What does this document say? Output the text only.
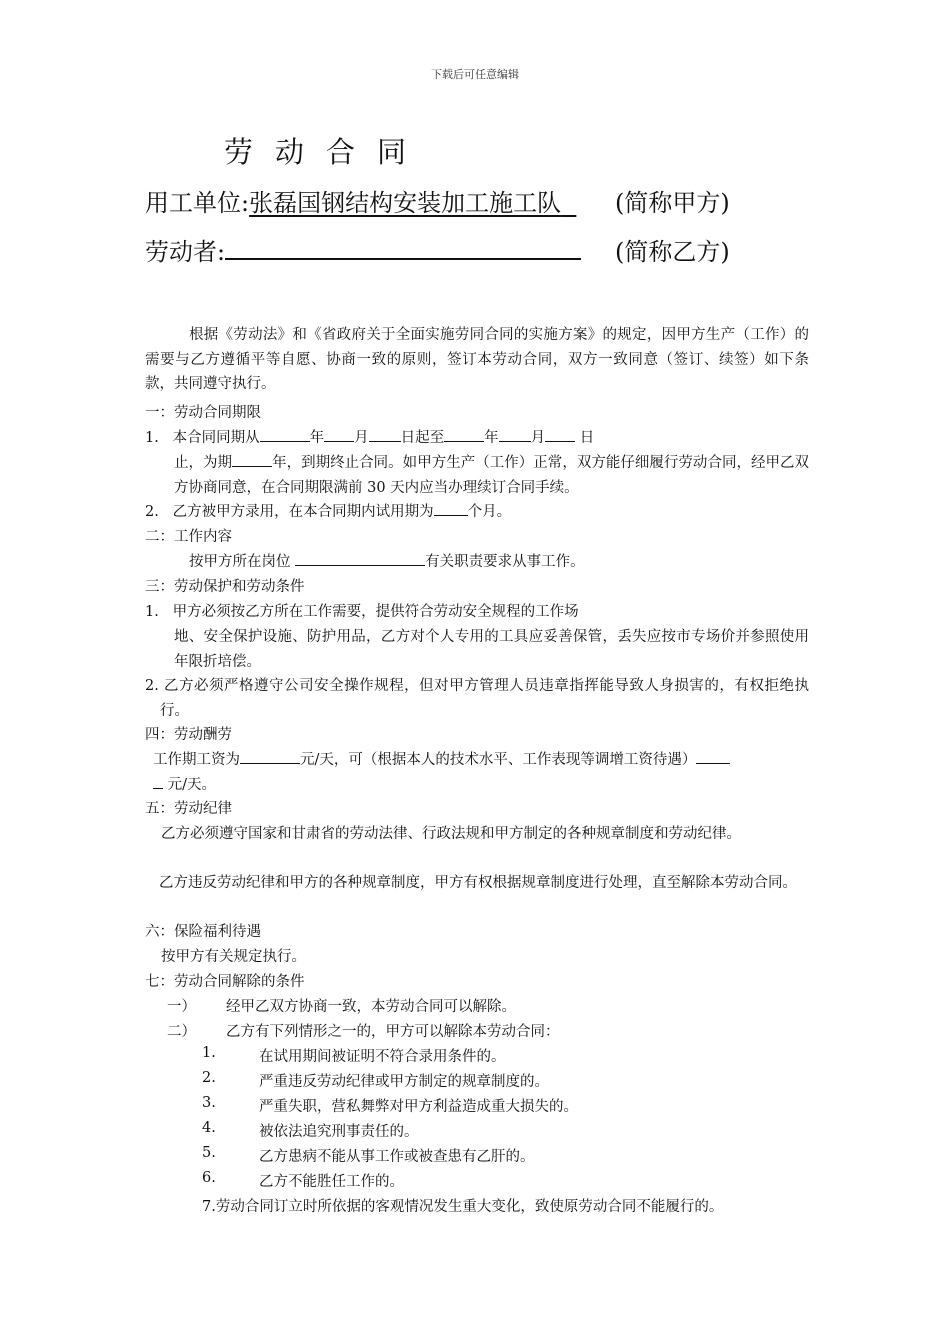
下载后可任意编辑
劳动合同
用工单位:张磊国钢结构安装加工施工队 (简称甲方)
劳动者:	(简称乙方)
根据《劳动法》和《省政府关于全面实施劳同合同的实施方案》的规定，因甲方生产（工作）的需要与乙方遵循平等自愿、协商一致的原则，签订本劳动合同，双方一致同意（签订、续签）如下条款，共同遵守执行。
一：劳动合同期限
1. 本合同同期从	年 月 日起至	年 月 日
止，为期	年，到期终止合同。如甲方生产（工作）正常，双方能仔细履行劳动合同，经甲乙双方协商同意，在合同期限满前 30 天内应当办理续订合同手续。
2. 乙方被甲方录用，在本合同期内试用期为 个月。
二：工作内容
按甲方所在岗位	有关职责要求从事工作。
三：劳动保护和劳动条件
1. 甲方必须按乙方所在工作需要，提供符合劳动安全规程的工作场
地、安全保护设施、防护用品，乙方对个人专用的工具应妥善保管，丢失应按市专场价并参照使用年限折培偿。
2. 乙方必须严格遵守公司安全操作规程，但对甲方管理人员违章指挥能导致人身损害的，有权拒绝执行。
四：劳动酬劳
工作期工资为	元/天，可（根据本人的技术水平、工作表现等调增工资待遇）
元/天。
五：劳动纪律
乙方必须遵守国家和甘肃省的劳动法律、行政法规和甲方制定的各种规章制度和劳动纪律。
乙方违反劳动纪律和甲方的各种规章制度，甲方有权根据规章制度进行处理，直至解除本劳动合同。
六：保险福利待遇
按甲方有关规定执行。
七：劳动合同解除的条件
一） 经甲乙双方协商一致，本劳动合同可以解除。
二） 乙方有下列情形之一的，甲方可以解除本劳动合同：
1.	在试用期间被证明不符合录用条件的。
2.	严重违反劳动纪律或甲方制定的规章制度的。
3.	严重失职，营私舞弊对甲方利益造成重大损失的。
4.	被依法追究刑事责任的。
5.	乙方患病不能从事工作或被查患有乙肝的。
6.	乙方不能胜任工作的。
7.劳动合同订立时所依据的客观情况发生重大变化，致使原劳动合同不能履行的。
